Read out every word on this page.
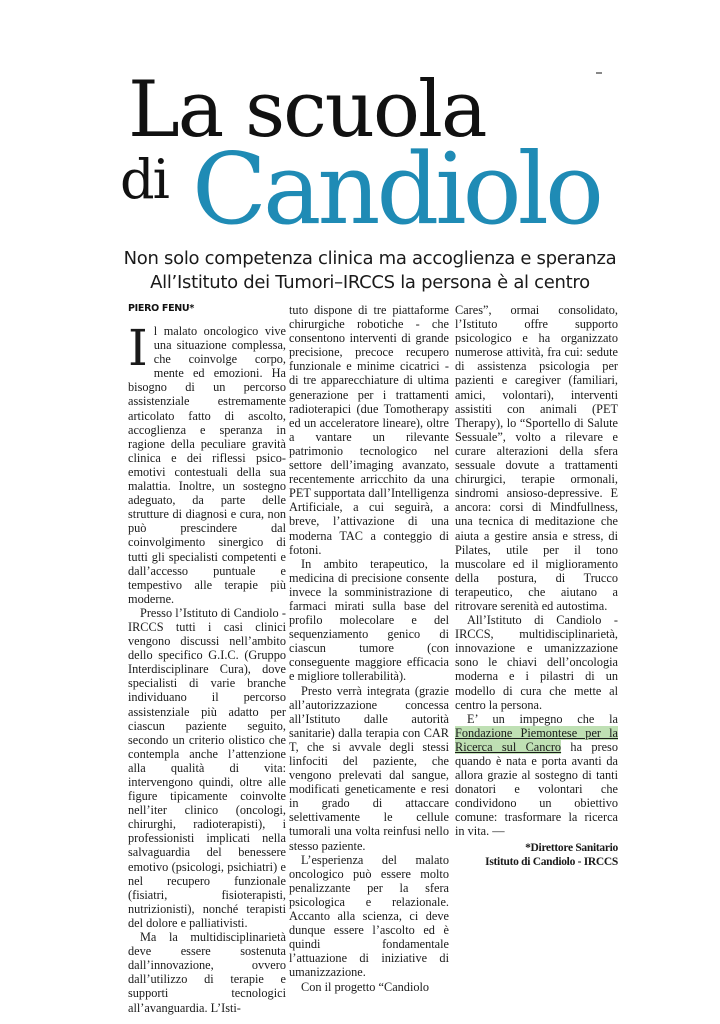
La scuola
di Candiolo
Non solo competenza clinica ma accoglienza e speranza
All’Istituto dei Tumori–IRCCS la persona è al centro
PIERO FENU*

Il malato oncologico vive una situazione complessa, che coinvolge corpo, mente ed emozioni. Ha bisogno di un percorso assistenziale estremamente articolato fatto di ascolto, accoglienza e speranza in ragione della peculiare gravità clinica e dei riflessi psico-emotivi contestuali della sua malattia. Inoltre, un sostegno adeguato, da parte delle strutture di diagnosi e cura, non può prescindere dal coinvolgimento sinergico di tutti gli specialisti competenti e dall’accesso puntuale e tempestivo alle terapie più moderne.

Presso l’Istituto di Candiolo - IRCCS tutti i casi clinici vengono discussi nell’ambito dello specifico G.I.C. (Gruppo Interdisciplinare Cura), dove specialisti di varie branche individuano il percorso assistenziale più adatto per ciascun paziente seguito, secondo un criterio olistico che contempla anche l’attenzione alla qualità di vita: intervengono quindi, oltre alle figure tipicamente coinvolte nell’iter clinico (oncologi, chirurghi, radioterapisti), i professionisti implicati nella salvaguardia del benessere emotivo (psicologi, psichiatri) e nel recupero funzionale (fisiatri, fisioterapisti, nutrizionisti), nonché terapisti del dolore e palliativisti.

Ma la multidisciplinarietà deve essere sostenuta dall’innovazione, ovvero dall’utilizzo di terapie e supporti tecnologici all’avanguardia. L’Isti-

tuto dispone di tre piattaforme chirurgiche robotiche - che consentono interventi di grande precisione, precoce recupero funzionale e minime cicatrici - di tre apparecchiature di ultima generazione per i trattamenti radioterapici (due Tomotherapy ed un acceleratore lineare), oltre a vantare un rilevante patrimonio tecnologico nel settore dell’imaging avanzato, recentemente arricchito da una PET supportata dall’Intelligenza Artificiale, a cui seguirà, a breve, l’attivazione di una moderna TAC a conteggio di fotoni.

In ambito terapeutico, la medicina di precisione consente invece la somministrazione di farmaci mirati sulla base del profilo molecolare e del sequenziamento genico di ciascun tumore (con conseguente maggiore efficacia e migliore tollerabilità).

Presto verrà integrata (grazie all’autorizzazione concessa all’Istituto dalle autorità sanitarie) dalla terapia con CAR T, che si avvale degli stessi linfociti del paziente, che vengono prelevati dal sangue, modificati geneticamente e resi in grado di attaccare selettivamente le cellule tumorali una volta reinfusi nello stesso paziente.

L’esperienza del malato oncologico può essere molto penalizzante per la sfera psicologica e relazionale. Accanto alla scienza, ci deve dunque essere l’ascolto ed è quindi fondamentale l’attuazione di iniziative di umanizzazione.

Con il progetto “Candiolo

Cares”, ormai consolidato, l’Istituto offre supporto psicologico e ha organizzato numerose attività, fra cui: sedute di assistenza psicologia per pazienti e caregiver (familiari, amici, volontari), interventi assistiti con animali (PET Therapy), lo “Sportello di Salute Sessuale”, volto a rilevare e curare alterazioni della sfera sessuale dovute a trattamenti chirurgici, terapie ormonali, sindromi ansioso-depressive. E ancora: corsi di Mindfullness, una tecnica di meditazione che aiuta a gestire ansia e stress, di Pilates, utile per il tono muscolare ed il miglioramento della postura, di Trucco terapeutico, che aiutano a ritrovare serenità ed autostima.

All’Istituto di Candiolo - IRCCS, multidisciplinarietà, innovazione e umanizzazione sono le chiavi dell’oncologia moderna e i pilastri di un modello di cura che mette al centro la persona.

E’ un impegno che la Fondazione Piemontese per la Ricerca sul Cancro ha preso quando è nata e porta avanti da allora grazie al sostegno di tanti donatori e volontari che condividono un obiettivo comune: trasformare la ricerca in vita. —

*Direttore Sanitario
Istituto di Candiolo - IRCCS
